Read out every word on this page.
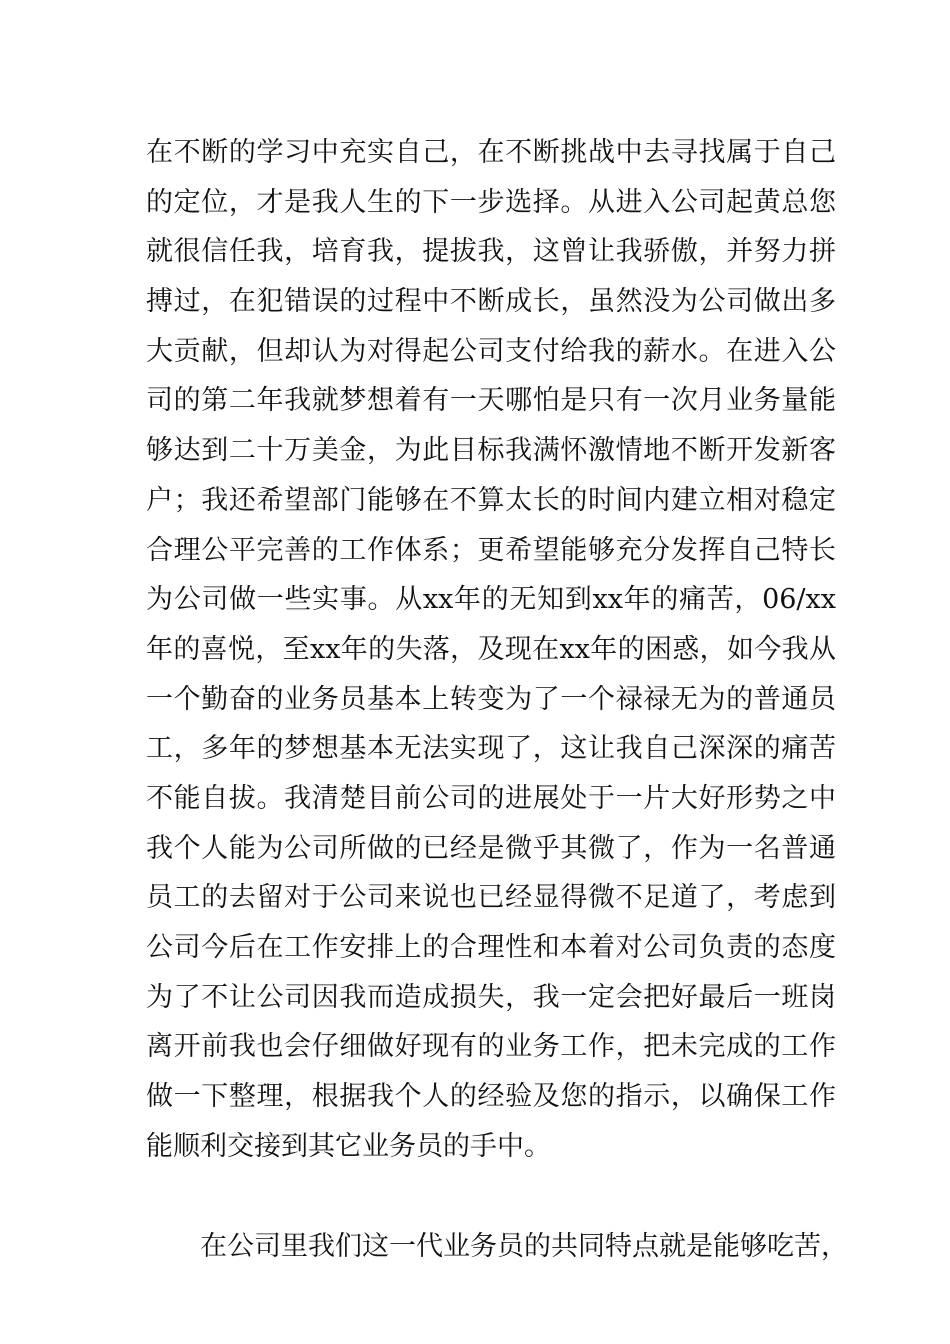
在不断的学习中充实自己，在不断挑战中去寻找属于自己
的定位，才是我人生的下一步选择。从进入公司起黄总您
就很信任我，培育我，提拔我，这曾让我骄傲，并努力拼
搏过，在犯错误的过程中不断成长，虽然没为公司做出多
大贡献，但却认为对得起公司支付给我的薪水。在进入公
司的第二年我就梦想着有一天哪怕是只有一次月业务量能
够达到二十万美金，为此目标我满怀激情地不断开发新客
户；我还希望部门能够在不算太长的时间内建立相对稳定
合理公平完善的工作体系；更希望能够充分发挥自己特长
为公司做一些实事。从xx年的无知到xx年的痛苦，06/xx
年的喜悦，至xx年的失落，及现在xx年的困惑，如今我从
一个勤奋的业务员基本上转变为了一个禄禄无为的普通员
工，多年的梦想基本无法实现了，这让我自己深深的痛苦
不能自拔。我清楚目前公司的进展处于一片大好形势之中
我个人能为公司所做的已经是微乎其微了，作为一名普通
员工的去留对于公司来说也已经显得微不足道了，考虑到
公司今后在工作安排上的合理性和本着对公司负责的态度
为了不让公司因我而造成损失，我一定会把好最后一班岗
离开前我也会仔细做好现有的业务工作，把未完成的工作
做一下整理，根据我个人的经验及您的指示，以确保工作
能顺利交接到其它业务员的手中。
在公司里我们这一代业务员的共同特点就是能够吃苦，
